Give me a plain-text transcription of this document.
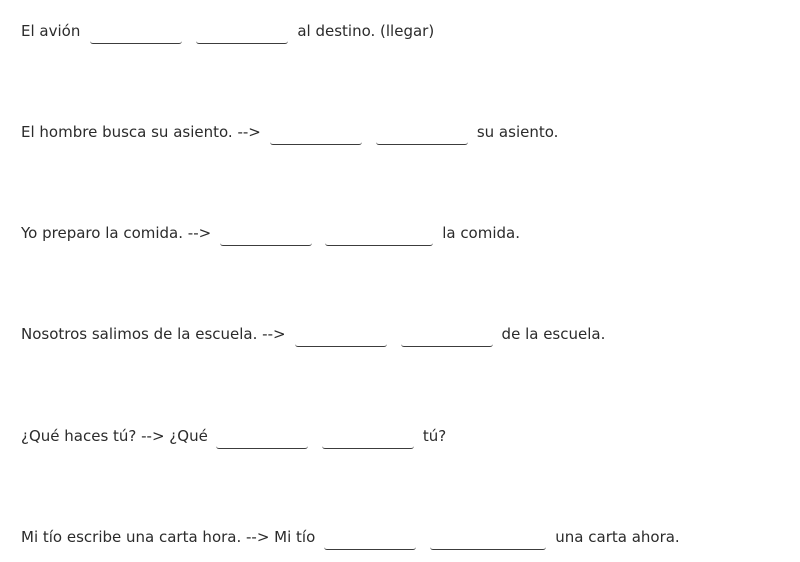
El avión	al destino. (llegar)
El hombre busca su asiento. -->	su asiento.
Yo preparo la comida. -->	la comida.
Nosotros salimos de la escuela. -->	de la escuela.
¿Qué haces tú? --> ¿Qué	tú?
Mi tío escribe una carta hora. --> Mi tío	una carta ahora.
